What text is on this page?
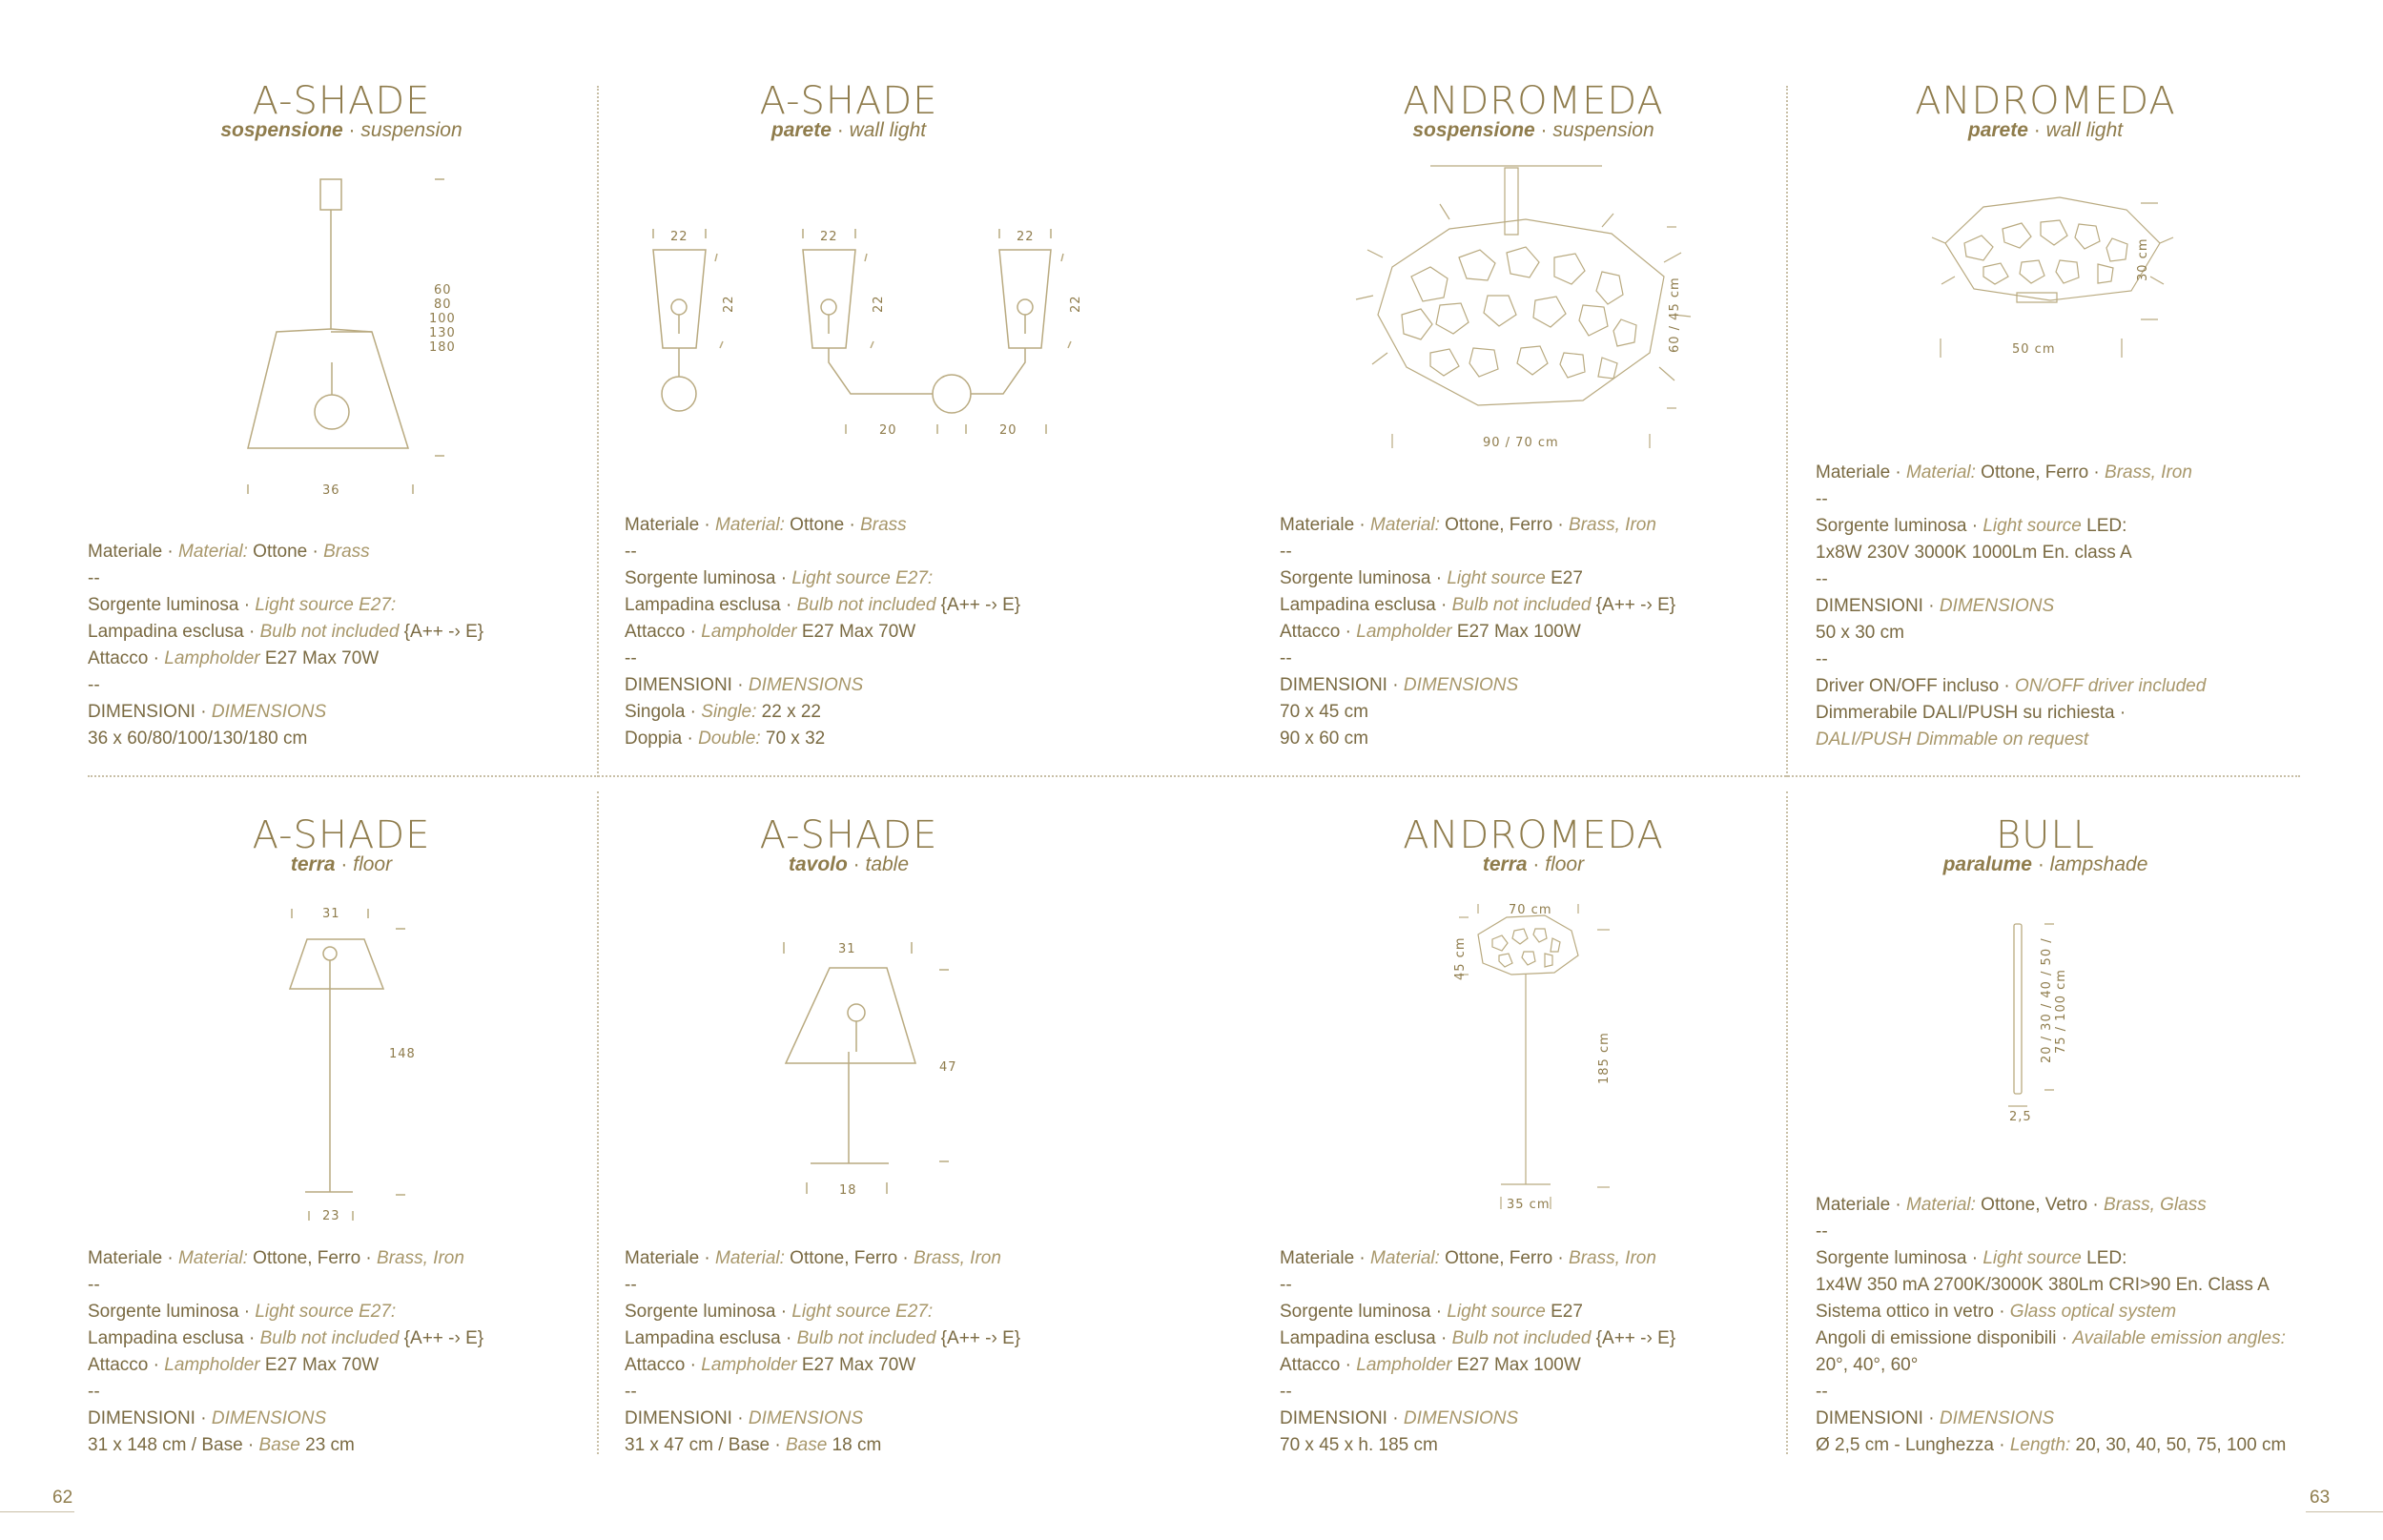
A-SHADE
sospensione · suspension
A-SHADE
parete · wall light
ANDROMEDA
sospensione · suspension
ANDROMEDA
parete · wall light
A-SHADE
terra · floor
A-SHADE
tavolo · table
ANDROMEDA
terra · floor
BULL
paralume · lampshade
62	63
60
80
100
130
180
36
22	22	22
22	22	22
20	20
60 / 45 cm
90 / 70 cm
30 cm
50 cm
31
148
23
31
47
18
70 cm
45 cm
185 cm
35 cm
20 / 30 / 40 / 50 / 75 / 100 cm
2,5
Materiale · Material: Ottone · Brass
--
Sorgente luminosa · Light source E27:
Lampadina esclusa · Bulb not included {A++ -› E}
Attacco · Lampholder E27 Max 70W
--
DIMENSIONI · DIMENSIONS
36 x 60/80/100/130/180 cm
Materiale · Material: Ottone · Brass
--
Sorgente luminosa · Light source E27:
Lampadina esclusa · Bulb not included {A++ -› E}
Attacco · Lampholder E27 Max 70W
--
DIMENSIONI · DIMENSIONS
Singola · Single: 22 x 22
Doppia · Double: 70 x 32
Materiale · Material: Ottone, Ferro · Brass, Iron
--
Sorgente luminosa · Light source E27
Lampadina esclusa · Bulb not included {A++ -› E}
Attacco · Lampholder E27 Max 100W
--
DIMENSIONI · DIMENSIONS
70 x 45 cm
90 x 60 cm
Materiale · Material: Ottone, Ferro · Brass, Iron
--
Sorgente luminosa · Light source LED:
1x8W 230V 3000K 1000Lm En. class A
--
DIMENSIONI · DIMENSIONS
50 x 30 cm
--
Driver ON/OFF incluso · ON/OFF driver included
Dimmerabile DALI/PUSH su richiesta ·
DALI/PUSH Dimmable on request
Materiale · Material: Ottone, Ferro · Brass, Iron
--
Sorgente luminosa · Light source E27:
Lampadina esclusa · Bulb not included {A++ -› E}
Attacco · Lampholder E27 Max 70W
--
DIMENSIONI · DIMENSIONS
31 x 148 cm / Base · Base 23 cm
Materiale · Material: Ottone, Ferro · Brass, Iron
--
Sorgente luminosa · Light source E27:
Lampadina esclusa · Bulb not included {A++ -› E}
Attacco · Lampholder E27 Max 70W
--
DIMENSIONI · DIMENSIONS
31 x 47 cm / Base · Base 18 cm
Materiale · Material: Ottone, Ferro · Brass, Iron
--
Sorgente luminosa · Light source E27
Lampadina esclusa · Bulb not included {A++ -› E}
Attacco · Lampholder E27 Max 100W
--
DIMENSIONI · DIMENSIONS
70 x 45 x h. 185 cm
Materiale · Material: Ottone, Vetro · Brass, Glass
--
Sorgente luminosa · Light source LED:
1x4W 350 mA 2700K/3000K 380Lm CRI>90 En. Class A
Sistema ottico in vetro · Glass optical system
Angoli di emissione disponibili · Available emission angles:
20°, 40°, 60°
--
DIMENSIONI · DIMENSIONS
Ø 2,5 cm - Lunghezza · Length: 20, 30, 40, 50, 75, 100 cm
